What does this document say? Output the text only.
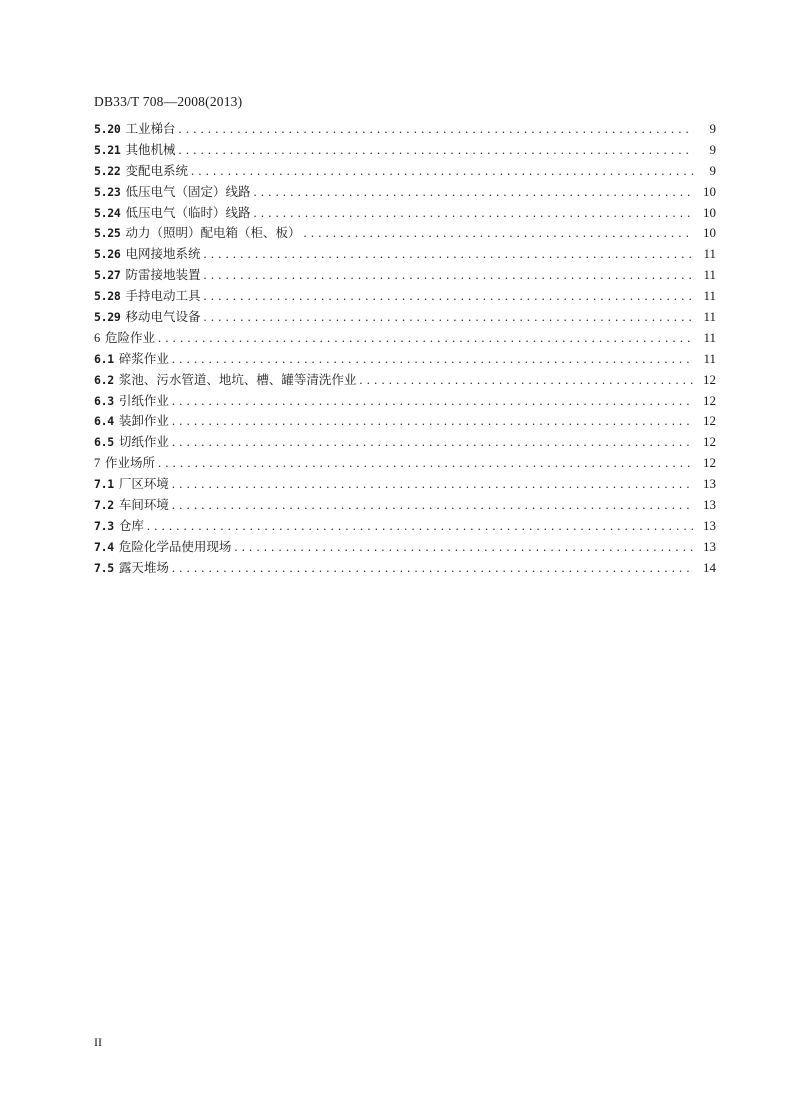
DB33/T 708—2008(2013)
5.20 工业梯台 . . .	9
5.21 其他机械 . . .	9
5.22 变配电系统 . . .	9
5.23 低压电气（固定）线路 . . .	10
5.24 低压电气（临时）线路 . . .	10
5.25 动力（照明）配电箱（柜、板） . . .	10
5.26 电网接地系统 . . .	11
5.27 防雷接地装置 . . .	11
5.28 手持电动工具 . . .	11
5.29 移动电气设备 . . .	11
6 危险作业 . . .	11
6.1 碎浆作业 . . .	11
6.2 浆池、污水管道、地坑、槽、罐等清洗作业 . . .	12
6.3 引纸作业 . . .	12
6.4 装卸作业 . . .	12
6.5 切纸作业 . . .	12
7 作业场所 . . .	12
7.1 厂区环境 . . .	13
7.2 车间环境 . . .	13
7.3 仓库 . . .	13
7.4 危险化学品使用现场 . . .	13
7.5 露天堆场 . . .	14
II
